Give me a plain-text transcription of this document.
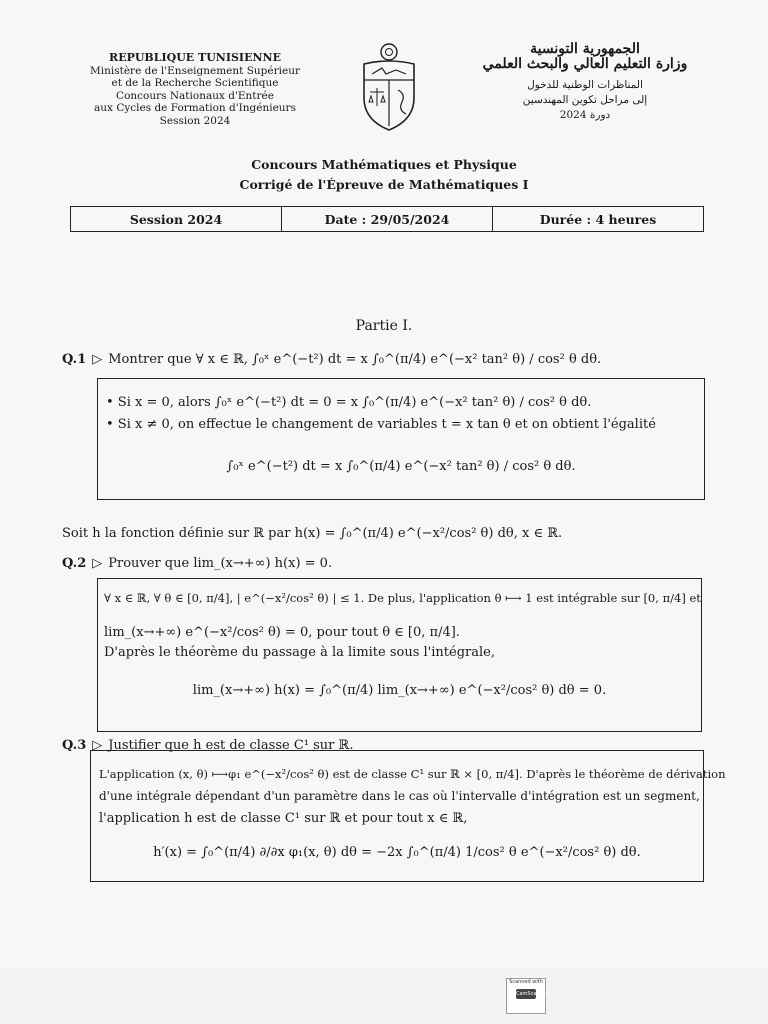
REPUBLIQUE TUNISIENNE
Ministère de l'Enseignement Supérieur
et de la Recherche Scientifique
Concours Nationaux d'Entrée
aux Cycles de Formation d'Ingénieurs
Session 2024
الجمهورية التونسية
وزارة التعليم العالي والبحث العلمي
المناظرات الوطنية للدخول
إلى مراحل تكوين المهندسين
دورة 2024
Concours Mathématiques et Physique
Corrigé de l'Épreuve de Mathématiques I
Session 2024	Date : 29/05/2024	Durée : 4 heures
Partie I.
Q.1 ▷ Montrer que ∀ x ∈ ℝ, ∫₀ˣ e^(−t²) dt = x ∫₀^(π/4) e^(−x² tan² θ) / cos² θ dθ.
• Si x = 0, alors ∫₀ˣ e^(−t²) dt = 0 = x ∫₀^(π/4) e^(−x² tan² θ) / cos² θ dθ.
• Si x ≠ 0, on effectue le changement de variables t = x tan θ et on obtient l'égalité
∫₀ˣ e^(−t²) dt = x ∫₀^(π/4) e^(−x² tan² θ) / cos² θ dθ.
Soit h la fonction définie sur ℝ par h(x) = ∫₀^(π/4) e^(−x²/cos² θ) dθ, x ∈ ℝ.
Q.2 ▷ Prouver que lim_(x→+∞) h(x) = 0.
∀ x ∈ ℝ, ∀ θ ∈ [0, π/4], | e^(−x²/cos² θ) | ≤ 1. De plus, l'application θ ⟼ 1 est intégrable sur [0, π/4] et
lim_(x→+∞) e^(−x²/cos² θ) = 0, pour tout θ ∈ [0, π/4].
D'après le théorème du passage à la limite sous l'intégrale,
lim_(x→+∞) h(x) = ∫₀^(π/4) lim_(x→+∞) e^(−x²/cos² θ) dθ = 0.
Q.3 ▷ Justifier que h est de classe C¹ sur ℝ.
L'application (x, θ) ⟼φ₁ e^(−x²/cos² θ) est de classe C¹ sur ℝ × [0, π/4]. D'après le théorème de dérivation
d'une intégrale dépendant d'un paramètre dans le cas où l'intervalle d'intégration est un segment,
l'application h est de classe C¹ sur ℝ et pour tout x ∈ ℝ,
h′(x) = ∫₀^(π/4) ∂/∂x φ₁(x, θ) dθ = −2x ∫₀^(π/4) 1/cos² θ e^(−x²/cos² θ) dθ.
Scanned with
CamScanner
